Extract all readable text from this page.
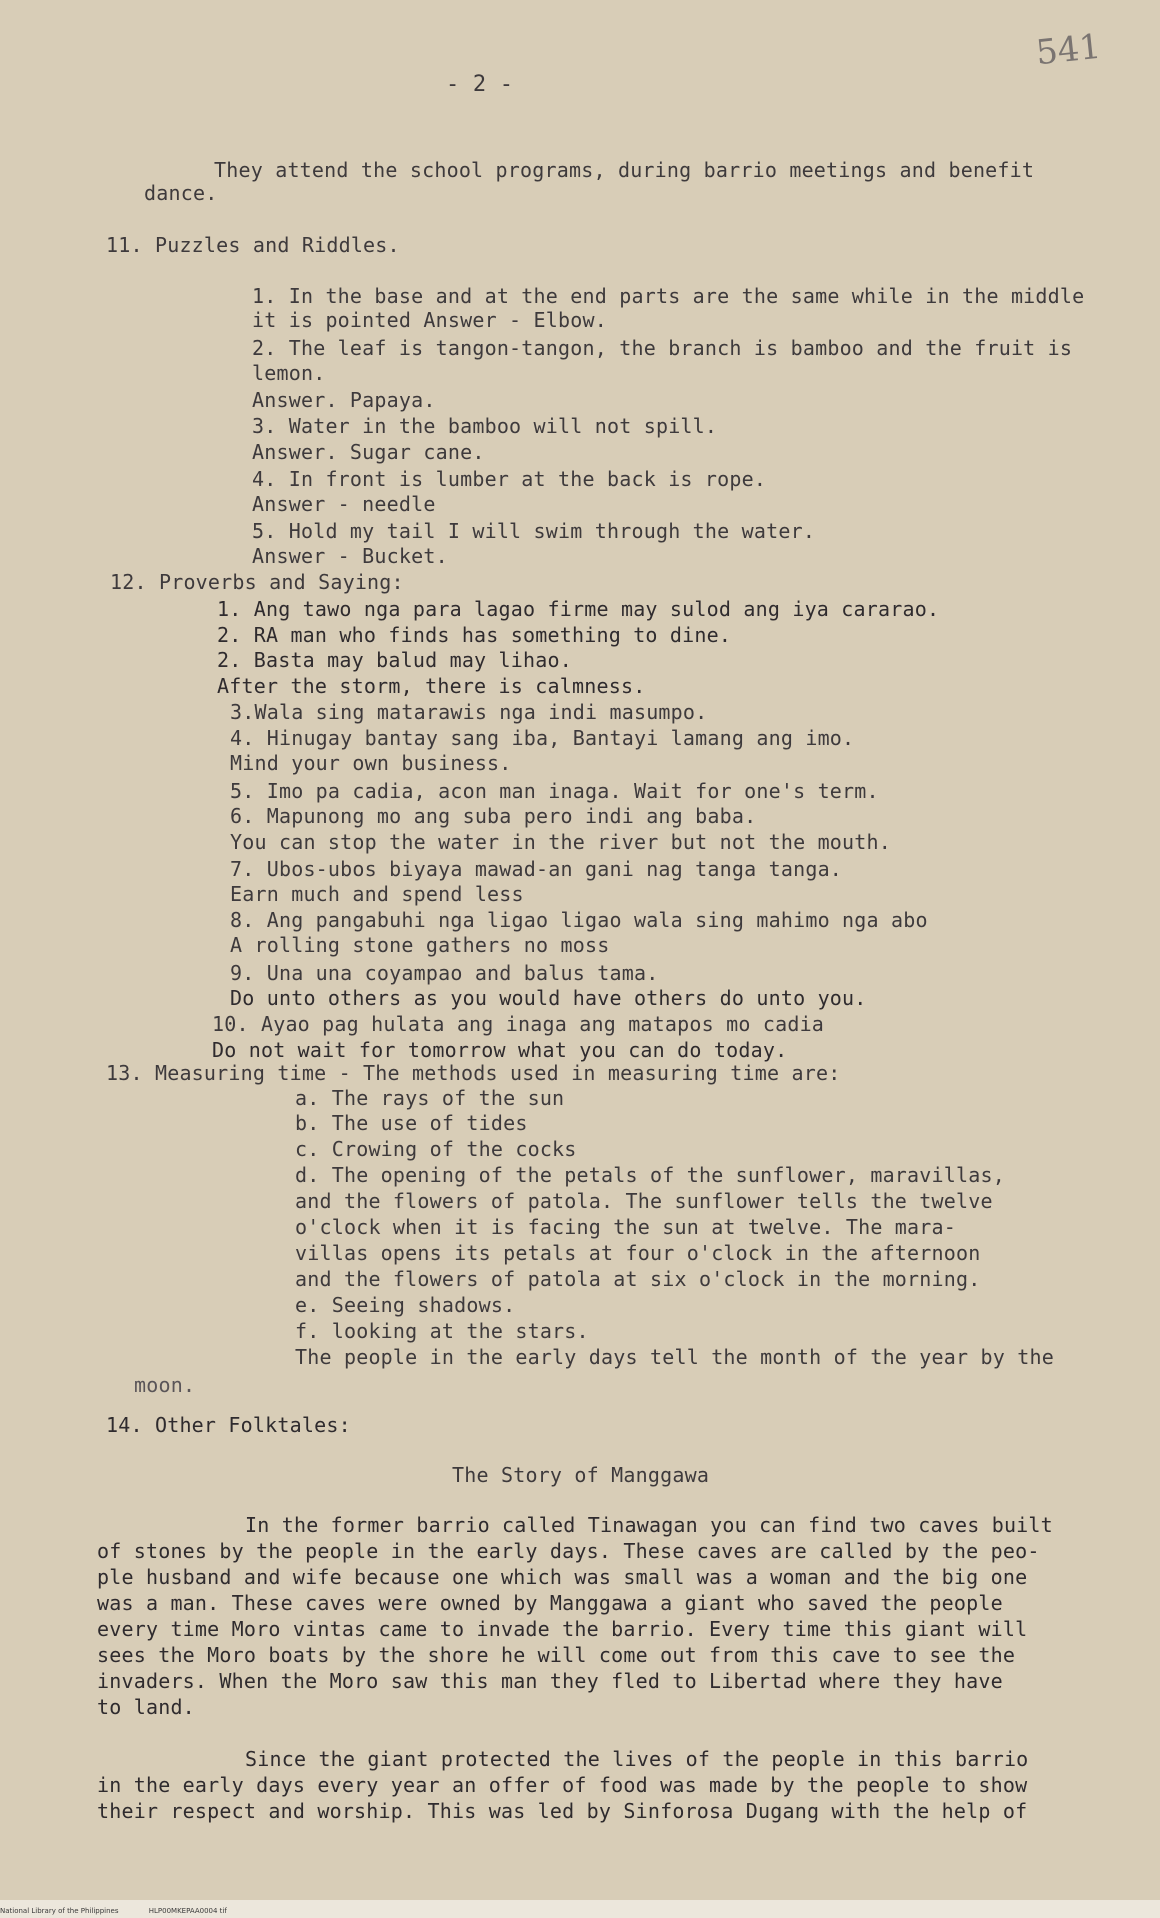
541
- 2 -
They attend the school programs, during barrio meetings and benefit
dance.
11. Puzzles and Riddles.
1. In the base and at the end parts are the same while in the middle
it is pointed Answer - Elbow.
2. The leaf is tangon-tangon, the branch is bamboo and the fruit is
lemon.
Answer. Papaya.
3. Water in the bamboo will not spill.
Answer. Sugar cane.
4. In front is lumber at the back is rope.
Answer - needle
5. Hold my tail I will swim through the water.
Answer - Bucket.
12. Proverbs and Saying:
1. Ang tawo nga para lagao firme may sulod ang iya cararao.
2. RA man who finds has something to dine.
2. Basta may balud may lihao.
After the storm, there is calmness.
3.Wala sing matarawis nga indi masumpo.
4. Hinugay bantay sang iba, Bantayi lamang ang imo.
Mind your own business.
5. Imo pa cadia, acon man inaga. Wait for one's term.
6. Mapunong mo ang suba pero indi ang baba.
You can stop the water in the river but not the mouth.
7. Ubos-ubos biyaya mawad-an gani nag tanga tanga.
Earn much and spend less
8. Ang pangabuhi nga ligao ligao wala sing mahimo nga abo
A rolling stone gathers no moss
9. Una una coyampao and balus tama.
Do unto others as you would have others do unto you.
10. Ayao pag hulata ang inaga ang matapos mo cadia
Do not wait for tomorrow what you can do today.
13. Measuring time - The methods used in measuring time are:
a. The rays of the sun
b. The use of tides
c. Crowing of the cocks
d. The opening of the petals of the sunflower, maravillas,
and the flowers of patola. The sunflower tells the twelve
o'clock when it is facing the sun at twelve. The mara-
villas opens its petals at four o'clock in the afternoon
and the flowers of patola at six o'clock in the morning.
e. Seeing shadows.
f. looking at the stars.
The people in the early days tell the month of the year by the
moon.
14. Other Folktales:
The Story of Manggawa
In the former barrio called Tinawagan you can find two caves built
of stones by the people in the early days. These caves are called by the peo-
ple husband and wife because one which was small was a woman and the big one
was a man. These caves were owned by Manggawa a giant who saved the people
every time Moro vintas came to invade the barrio. Every time this giant will
sees the Moro boats by the shore he will come out from this cave to see the
invaders. When the Moro saw this man they fled to Libertad where they have
to land.
Since the giant protected the lives of the people in this barrio
in the early days every year an offer of food was made by the people to show
their respect and worship. This was led by Sinforosa Dugang with the help of
National Library of the Philippines	HLP00MKEPAA0004 tif
